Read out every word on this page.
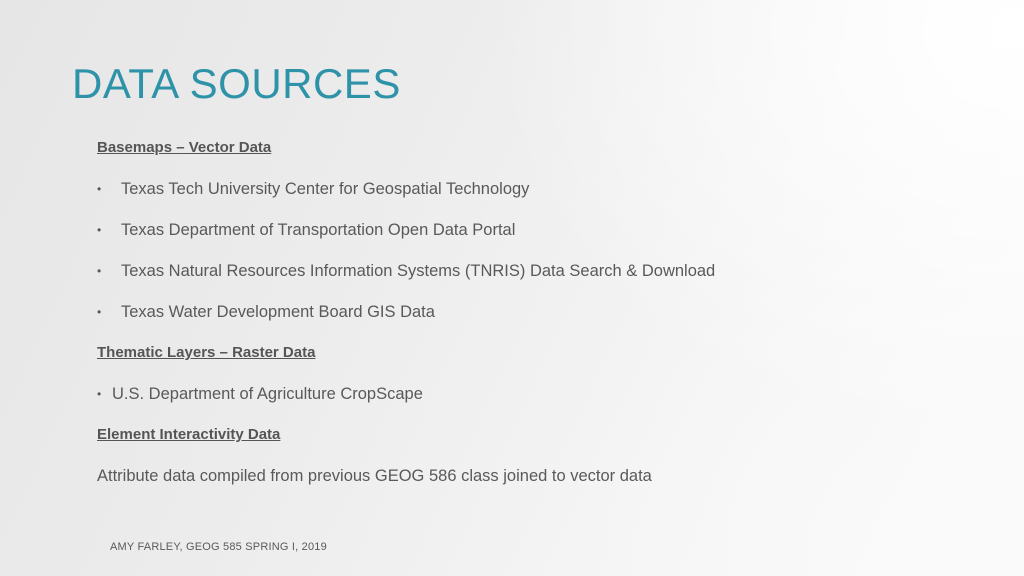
DATA SOURCES
Basemaps – Vector Data
•	Texas Tech University Center for Geospatial Technology
•	Texas Department of Transportation Open Data Portal
•	Texas Natural Resources Information Systems (TNRIS) Data Search & Download
•	Texas Water Development Board GIS Data
Thematic Layers – Raster Data
• U.S. Department of Agriculture CropScape
Element Interactivity Data
Attribute data compiled from previous GEOG 586 class joined to vector data
AMY FARLEY, GEOG 585 SPRING I, 2019
